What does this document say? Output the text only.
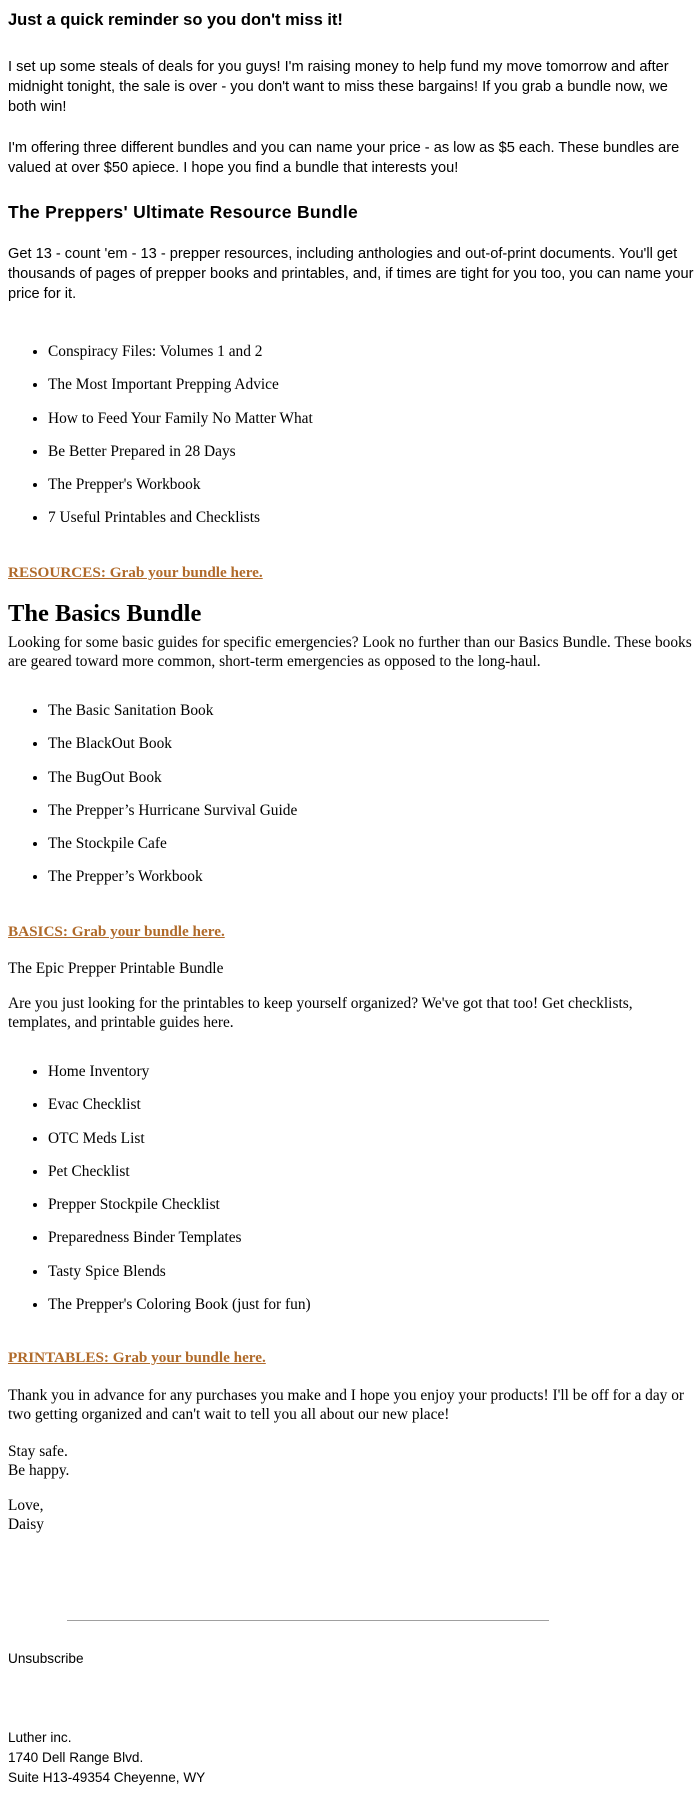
Just a quick reminder so you don't miss it!

I set up some steals of deals for you guys! I'm raising money to help fund my move tomorrow and after midnight tonight, the sale is over - you don't want to miss these bargains! If you grab a bundle now, we both win!

I'm offering three different bundles and you can name your price - as low as $5 each. These bundles are valued at over $50 apiece. I hope you find a bundle that interests you!

The Preppers' Ultimate Resource Bundle

Get 13 - count 'em - 13 - prepper resources, including anthologies and out-of-print documents. You'll get thousands of pages of prepper books and printables, and, if times are tight for you too, you can name your price for it.

• Conspiracy Files: Volumes 1 and 2
• The Most Important Prepping Advice
• How to Feed Your Family No Matter What
• Be Better Prepared in 28 Days
• The Prepper's Workbook
• 7 Useful Printables and Checklists

RESOURCES: Grab your bundle here.

The Basics Bundle

Looking for some basic guides for specific emergencies? Look no further than our Basics Bundle. These books are geared toward more common, short-term emergencies as opposed to the long-haul.

• The Basic Sanitation Book
• The BlackOut Book
• The BugOut Book
• The Prepper’s Hurricane Survival Guide
• The Stockpile Cafe
• The Prepper’s Workbook

BASICS: Grab your bundle here.

The Epic Prepper Printable Bundle

Are you just looking for the printables to keep yourself organized? We've got that too! Get checklists, templates, and printable guides here.

• Home Inventory
• Evac Checklist
• OTC Meds List
• Pet Checklist
• Prepper Stockpile Checklist
• Preparedness Binder Templates
• Tasty Spice Blends
• The Prepper's Coloring Book (just for fun)

PRINTABLES: Grab your bundle here.

Thank you in advance for any purchases you make and I hope you enjoy your products! I'll be off for a day or two getting organized and can't wait to tell you all about our new place!

Stay safe.
Be happy.

Love,
Daisy

Unsubscribe

Luther inc.
1740 Dell Range Blvd.
Suite H13-49354 Cheyenne, WY
